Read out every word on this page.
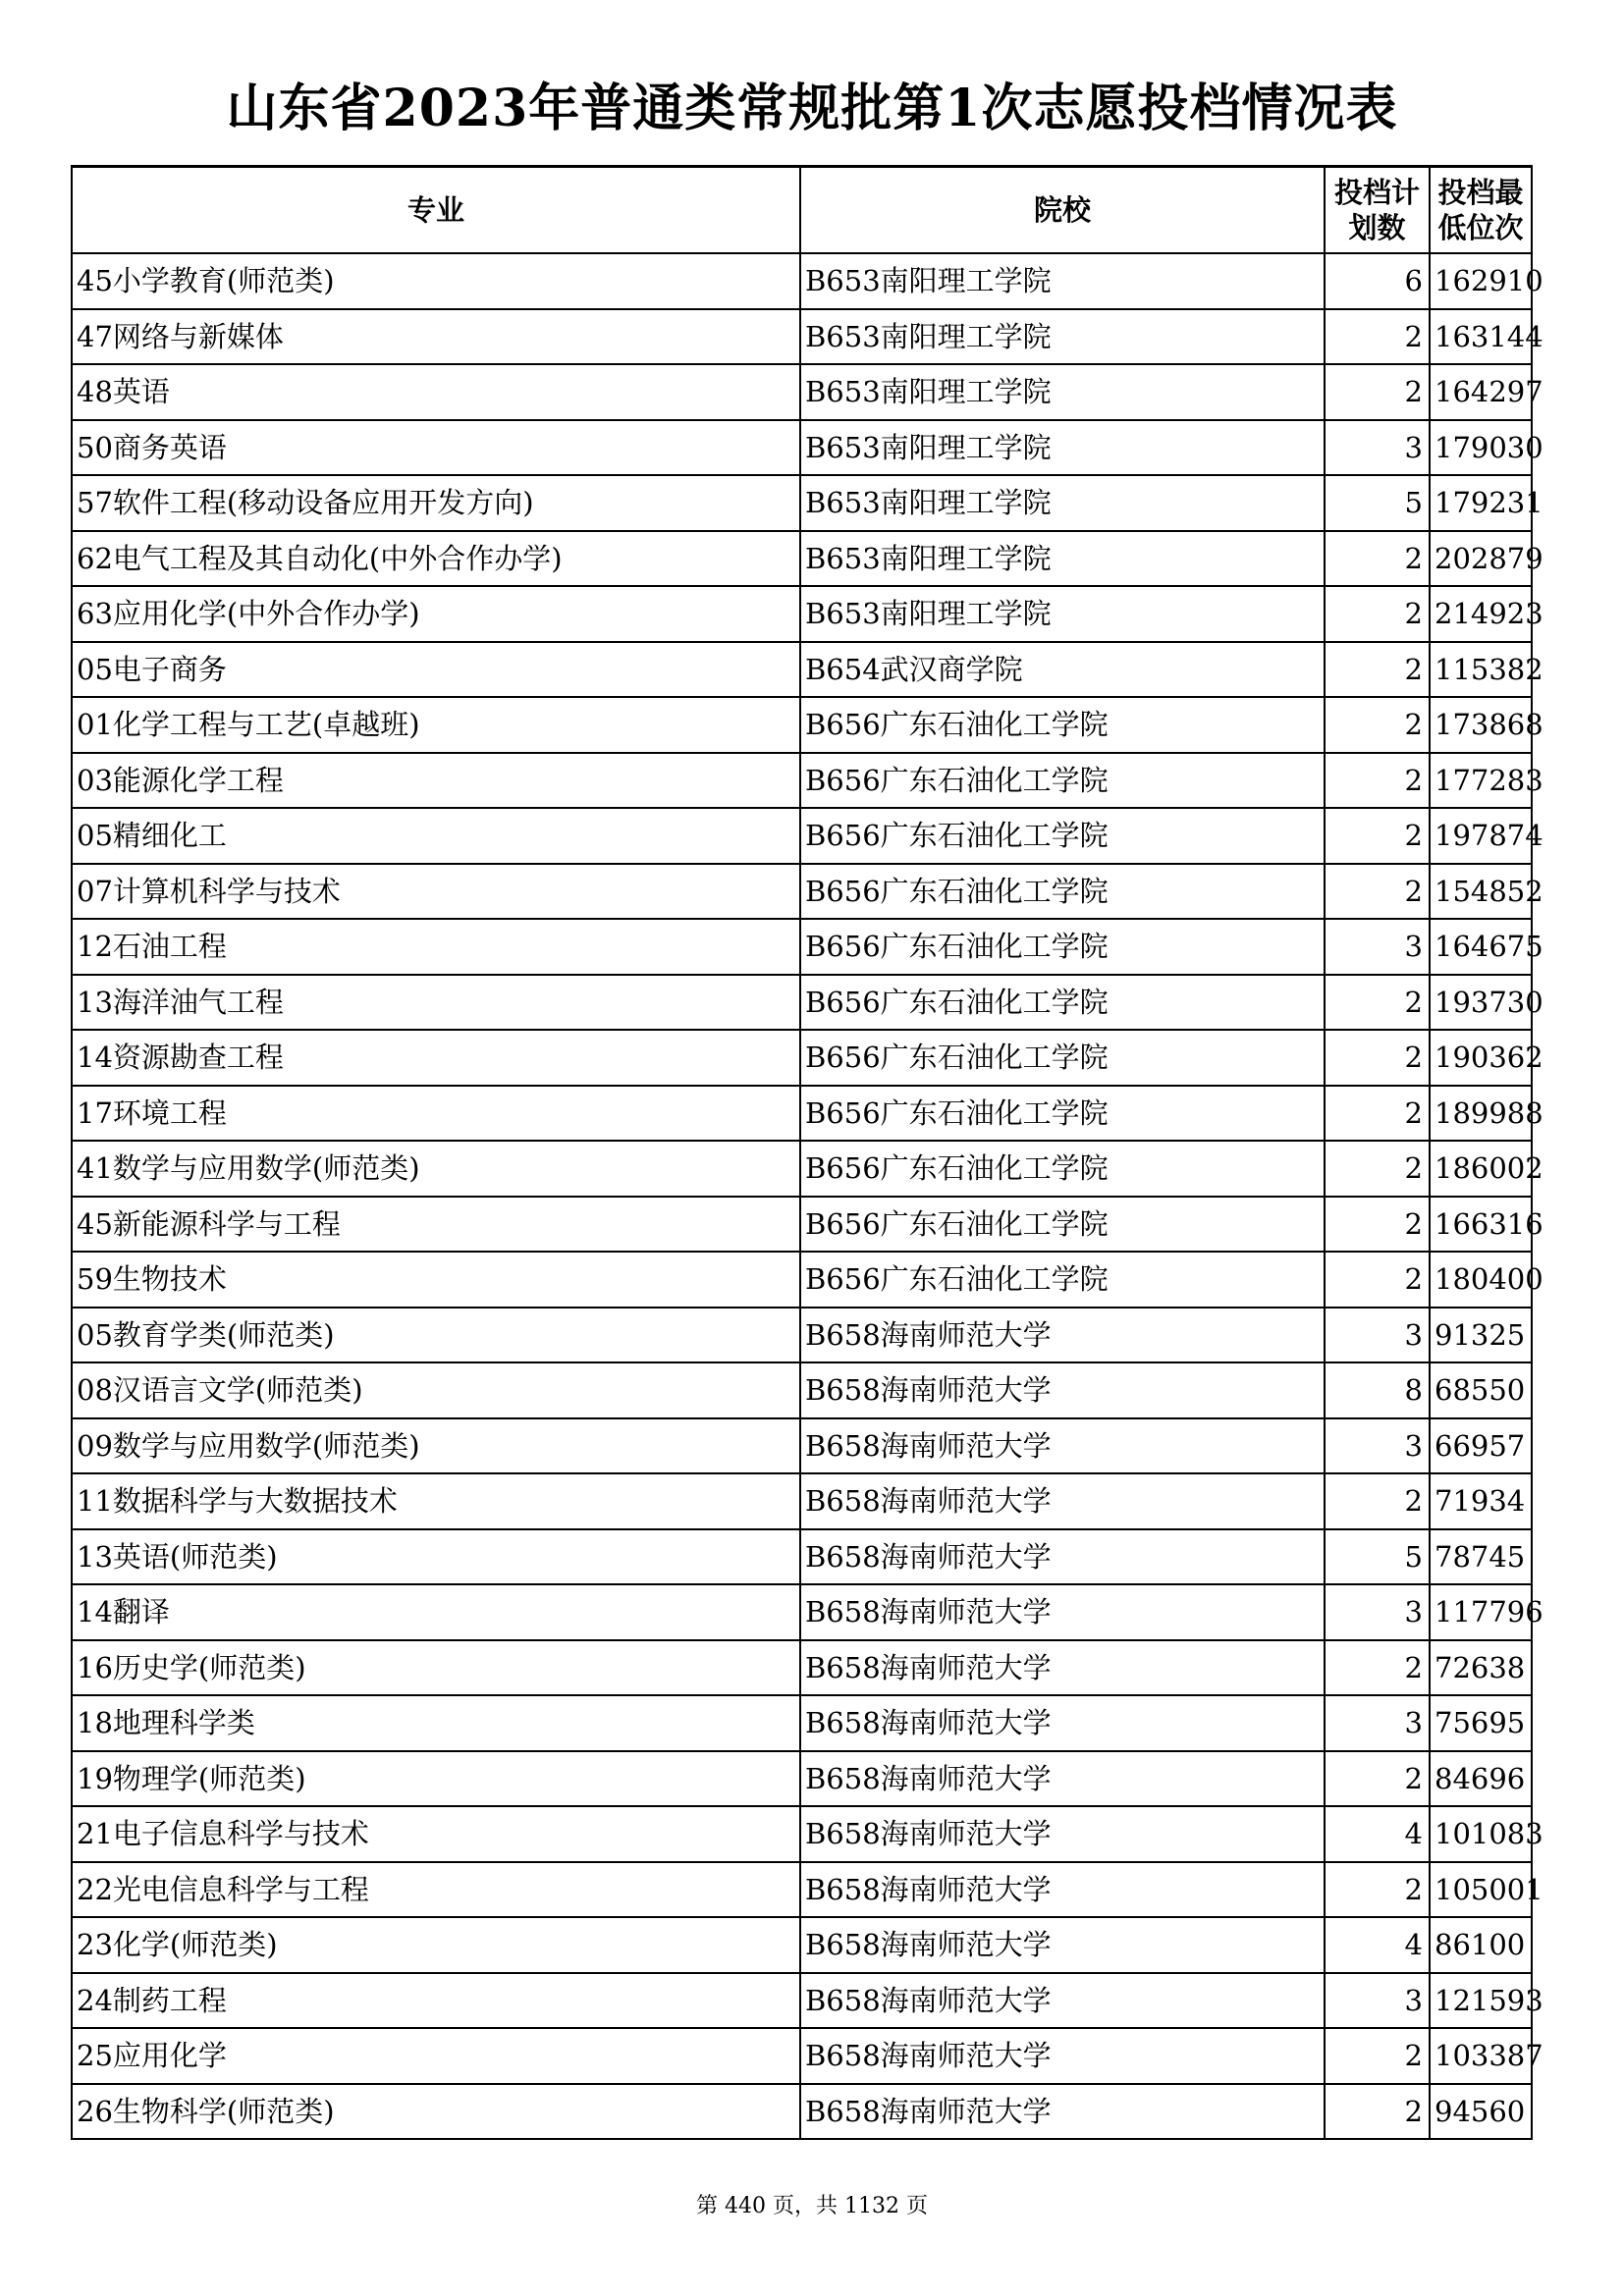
山东省2023年普通类常规批第1次志愿投档情况表
专业	院校	投档计划数	投档最低位次
45小学教育(师范类)	B653南阳理工学院	6	162910
47网络与新媒体	B653南阳理工学院	2	163144
48英语	B653南阳理工学院	2	164297
50商务英语	B653南阳理工学院	3	179030
57软件工程(移动设备应用开发方向)	B653南阳理工学院	5	179231
62电气工程及其自动化(中外合作办学)	B653南阳理工学院	2	202879
63应用化学(中外合作办学)	B653南阳理工学院	2	214923
05电子商务	B654武汉商学院	2	115382
01化学工程与工艺(卓越班)	B656广东石油化工学院	2	173868
03能源化学工程	B656广东石油化工学院	2	177283
05精细化工	B656广东石油化工学院	2	197874
07计算机科学与技术	B656广东石油化工学院	2	154852
12石油工程	B656广东石油化工学院	3	164675
13海洋油气工程	B656广东石油化工学院	2	193730
14资源勘查工程	B656广东石油化工学院	2	190362
17环境工程	B656广东石油化工学院	2	189988
41数学与应用数学(师范类)	B656广东石油化工学院	2	186002
45新能源科学与工程	B656广东石油化工学院	2	166316
59生物技术	B656广东石油化工学院	2	180400
05教育学类(师范类)	B658海南师范大学	3	91325
08汉语言文学(师范类)	B658海南师范大学	8	68550
09数学与应用数学(师范类)	B658海南师范大学	3	66957
11数据科学与大数据技术	B658海南师范大学	2	71934
13英语(师范类)	B658海南师范大学	5	78745
14翻译	B658海南师范大学	3	117796
16历史学(师范类)	B658海南师范大学	2	72638
18地理科学类	B658海南师范大学	3	75695
19物理学(师范类)	B658海南师范大学	2	84696
21电子信息科学与技术	B658海南师范大学	4	101083
22光电信息科学与工程	B658海南师范大学	2	105001
23化学(师范类)	B658海南师范大学	4	86100
24制药工程	B658海南师范大学	3	121593
25应用化学	B658海南师范大学	2	103387
26生物科学(师范类)	B658海南师范大学	2	94560
第 440 页，共 1132 页
